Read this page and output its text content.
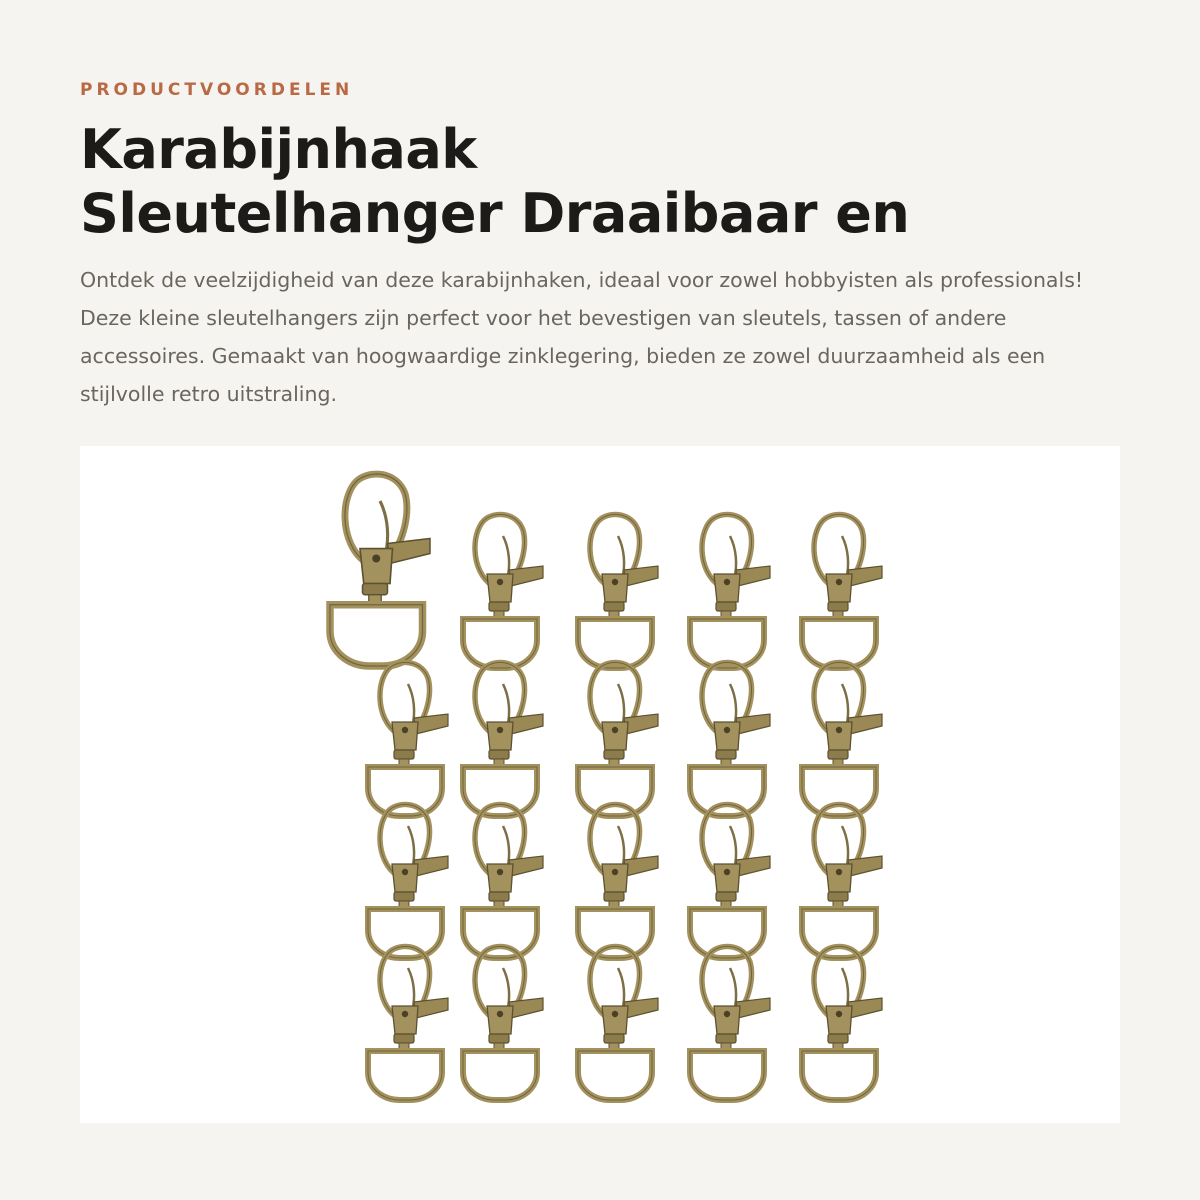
PRODUCTVOORDELEN

Karabijnhaak
Sleutelhanger Draaibaar en

Ontdek de veelzijdigheid van deze karabijnhaken, ideaal voor zowel hobbyisten als professionals! Deze kleine sleutelhangers zijn perfect voor het bevestigen van sleutels, tassen of andere accessoires. Gemaakt van hoogwaardige zinklegering, bieden ze zowel duurzaamheid als een stijlvolle retro uitstraling.
